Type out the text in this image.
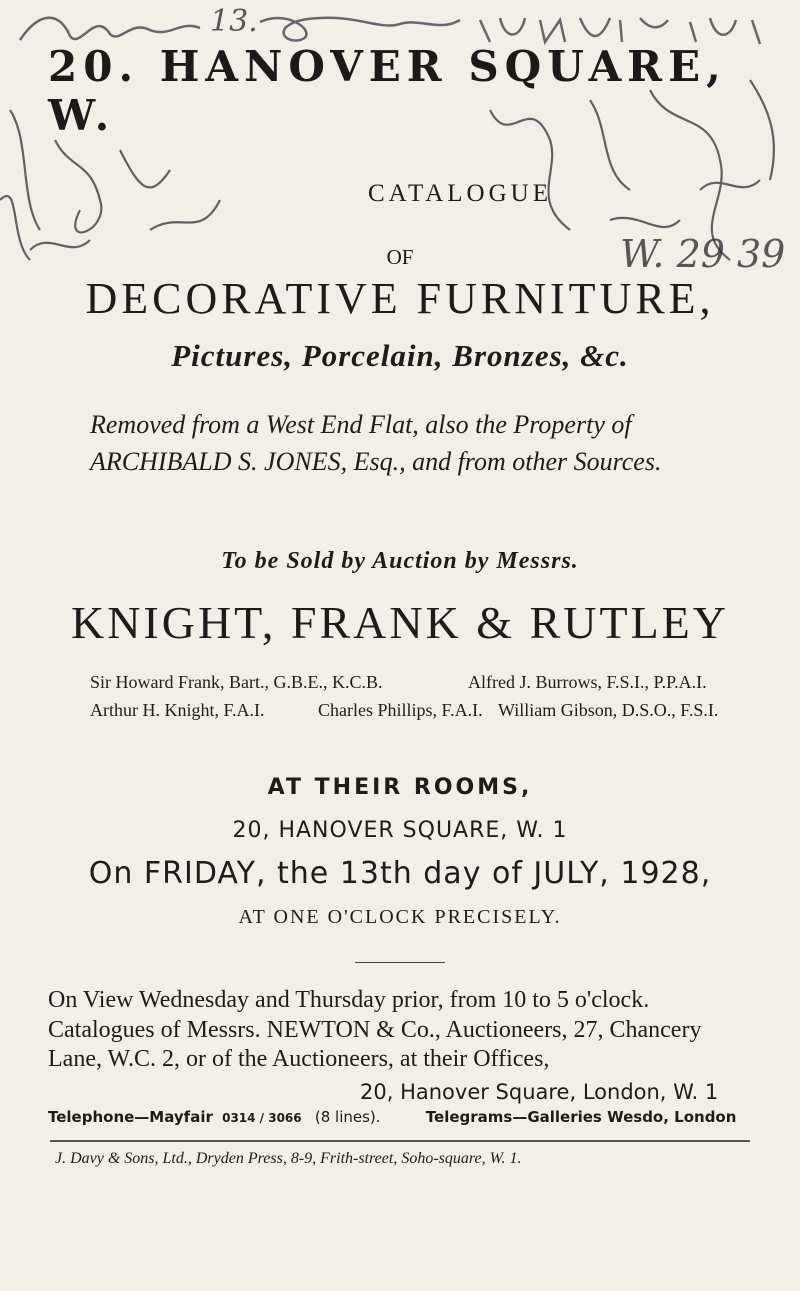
13.
20. HANOVER SQUARE, W.
CATALOGUE
W. 29 39
OF
DECORATIVE FURNITURE,
Pictures, Porcelain, Bronzes, &c.
Removed from a West End Flat, also the Property of
ARCHIBALD S. JONES, Esq., and from other Sources.
To be Sold by Auction by Messrs.
KNIGHT, FRANK & RUTLEY
Sir Howard Frank, Bart., G.B.E., K.C.B.	Alfred J. Burrows, F.S.I., P.P.A.I.
Arthur H. Knight, F.A.I.	Charles Phillips, F.A.I. William Gibson, D.S.O., F.S.I.
AT THEIR ROOMS,
20, HANOVER SQUARE, W. 1
On FRIDAY, the 13th day of JULY, 1928,
AT ONE O'CLOCK PRECISELY.
On View Wednesday and Thursday prior, from 10 to 5 o'clock.
Catalogues of Messrs. NEWTON & Co., Auctioneers, 27, Chancery
Lane, W.C. 2, or of the Auctioneers, at their Offices,
20, Hanover Square, London, W. 1
Telephone—Mayfair 0314 / 3066 (8 lines).	Telegrams—Galleries Wesdo, London
J. Davy & Sons, Ltd., Dryden Press, 8-9, Frith-street, Soho-square, W. 1.
